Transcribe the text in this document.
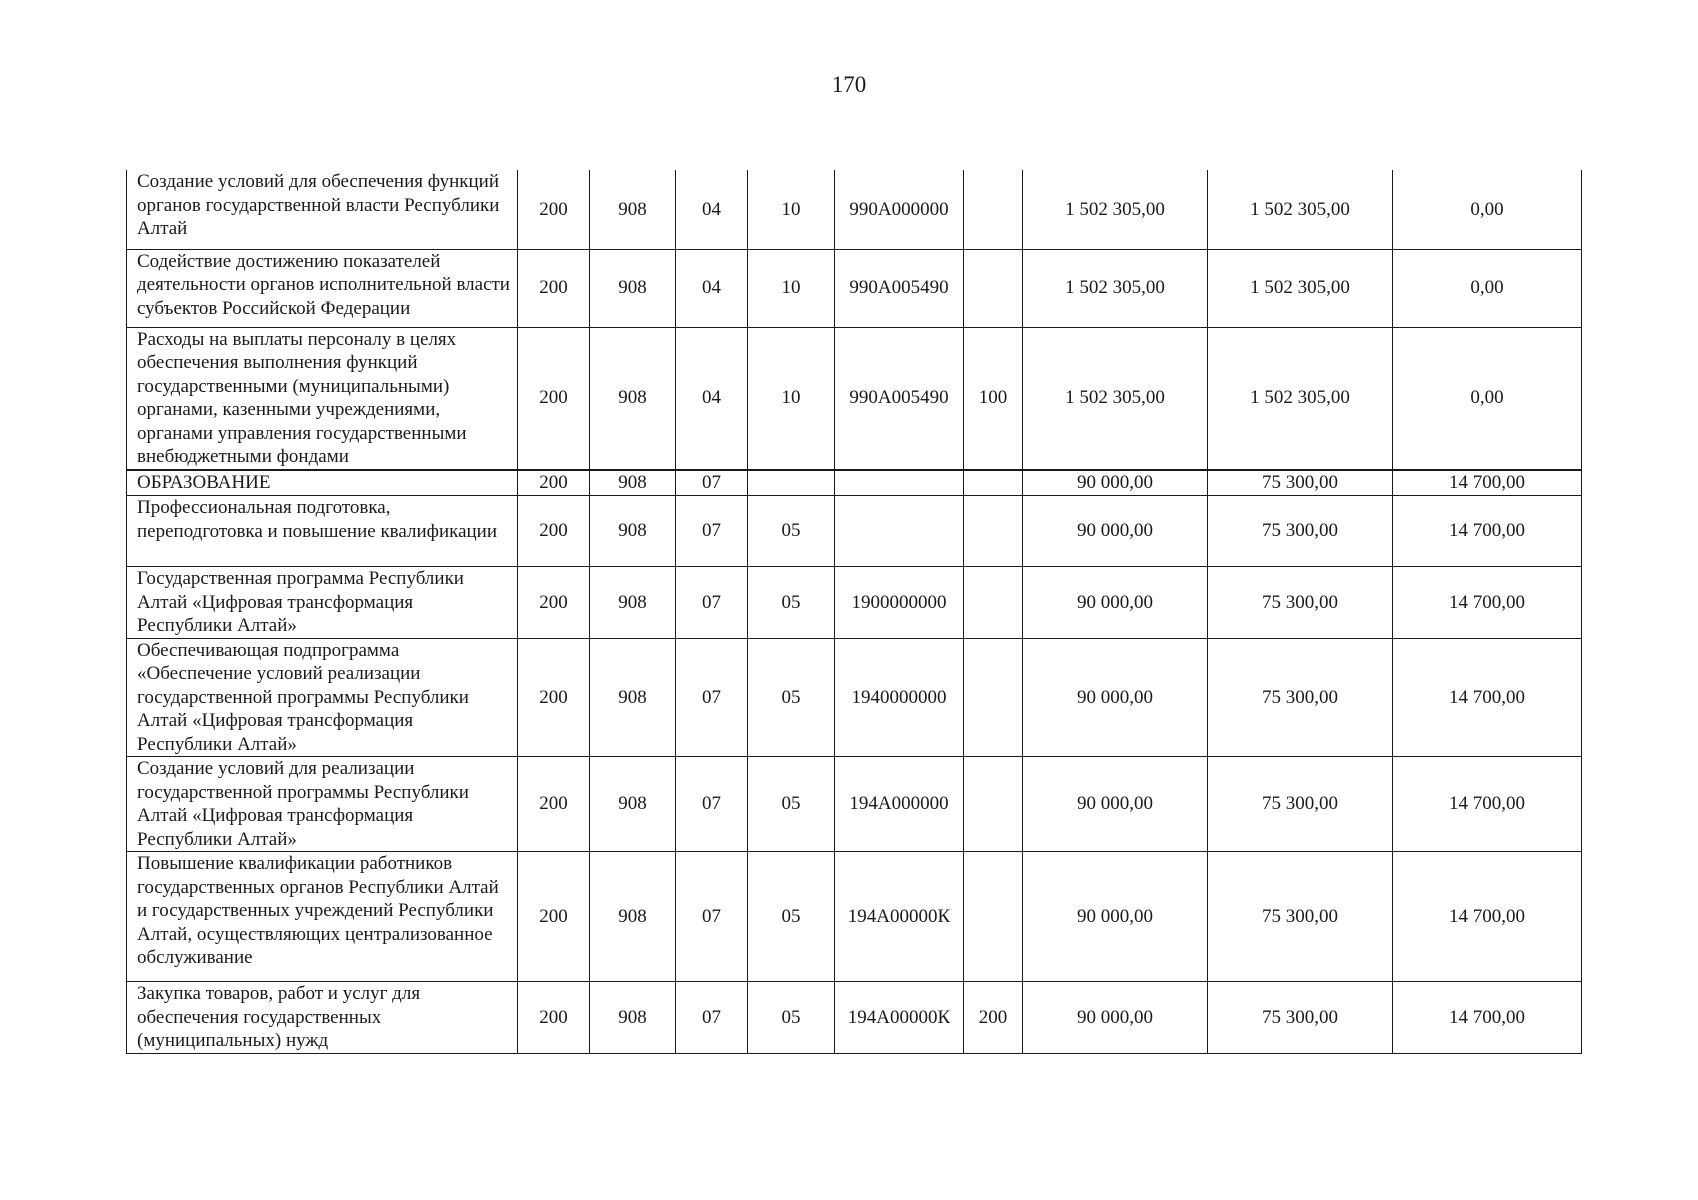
170
Создание условий для обеспечения функций органов государственной власти Республики Алтай	200	908	04	10	990А000000		1 502 305,00	1 502 305,00	0,00
Содействие достижению показателей деятельности органов исполнительной власти субъектов Российской Федерации	200	908	04	10	990А005490		1 502 305,00	1 502 305,00	0,00
Расходы на выплаты персоналу в целях обеспечения выполнения функций государственными (муниципальными) органами, казенными учреждениями, органами управления государственными внебюджетными фондами	200	908	04	10	990А005490	100	1 502 305,00	1 502 305,00	0,00
ОБРАЗОВАНИЕ	200	908	07				90 000,00	75 300,00	14 700,00
Профессиональная подготовка, переподготовка и повышение квалификации	200	908	07	05			90 000,00	75 300,00	14 700,00
Государственная программа Республики Алтай «Цифровая трансформация Республики Алтай»	200	908	07	05	1900000000		90 000,00	75 300,00	14 700,00
Обеспечивающая подпрограмма «Обеспечение условий реализации государственной программы Республики Алтай «Цифровая трансформация Республики Алтай»	200	908	07	05	1940000000		90 000,00	75 300,00	14 700,00
Создание условий для реализации государственной программы Республики Алтай «Цифровая трансформация Республики Алтай»	200	908	07	05	194А000000		90 000,00	75 300,00	14 700,00
Повышение квалификации работников государственных органов Республики Алтай и государственных учреждений Республики Алтай, осуществляющих централизованное обслуживание	200	908	07	05	194А00000К		90 000,00	75 300,00	14 700,00
Закупка товаров, работ и услуг для обеспечения государственных (муниципальных) нужд	200	908	07	05	194А00000К	200	90 000,00	75 300,00	14 700,00
